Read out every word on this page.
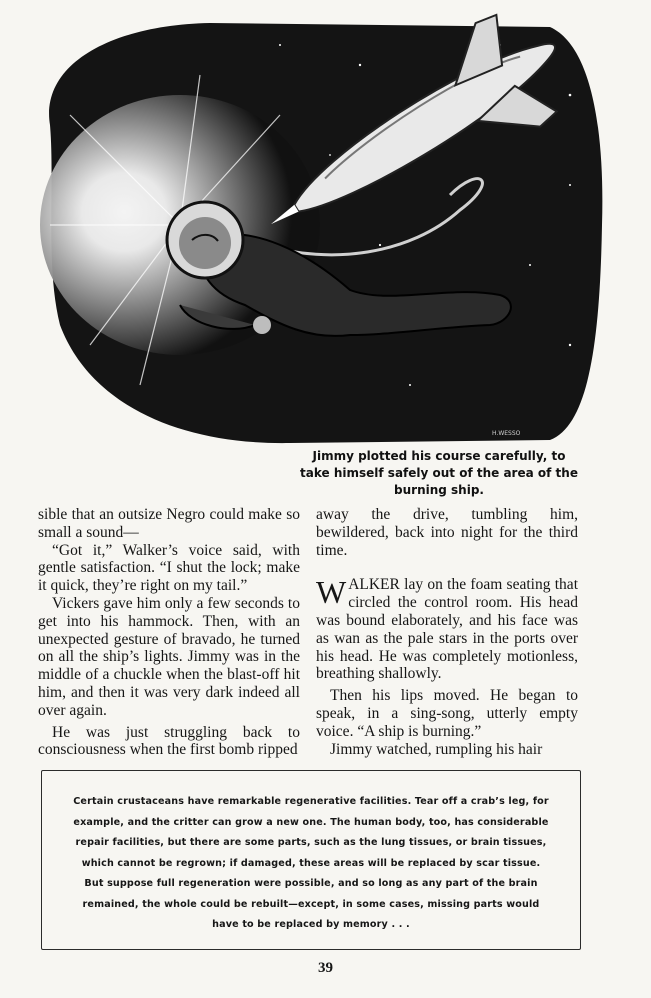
H.WESSO
Jimmy plotted his course carefully, to take himself safely out of the area of the burning ship.

sible that an outsize Negro could make so small a sound—

“Got it,” Walker’s voice said, with gentle satisfaction. “I shut the lock; make it quick, they’re right on my tail.”

Vickers gave him only a few seconds to get into his hammock. Then, with an unexpected gesture of bravado, he turned on all the ship’s lights. Jimmy was in the middle of a chuckle when the blast-off hit him, and then it was very dark indeed all over again.

He was just struggling back to consciousness when the first bomb ripped

away the drive, tumbling him, bewildered, back into night for the third time.

WALKER lay on the foam seating that circled the control room. His head was bound elaborately, and his face was as wan as the pale stars in the ports over his head. He was completely motionless, breathing shallowly.

Then his lips moved. He began to speak, in a sing-song, utterly empty voice. “A ship is burning.”

Jimmy watched, rumpling his hair

Certain crustaceans have remarkable regenerative facilities. Tear off a crab’s leg, for example, and the critter can grow a new one. The human body, too, has considerable repair facilities, but there are some parts, such as the lung tissues, or brain tissues, which cannot be regrown; if damaged, these areas will be replaced by scar tissue. But suppose full regeneration were possible, and so long as any part of the brain remained, the whole could be rebuilt—except, in some cases, missing parts would have to be replaced by memory . . .

39
